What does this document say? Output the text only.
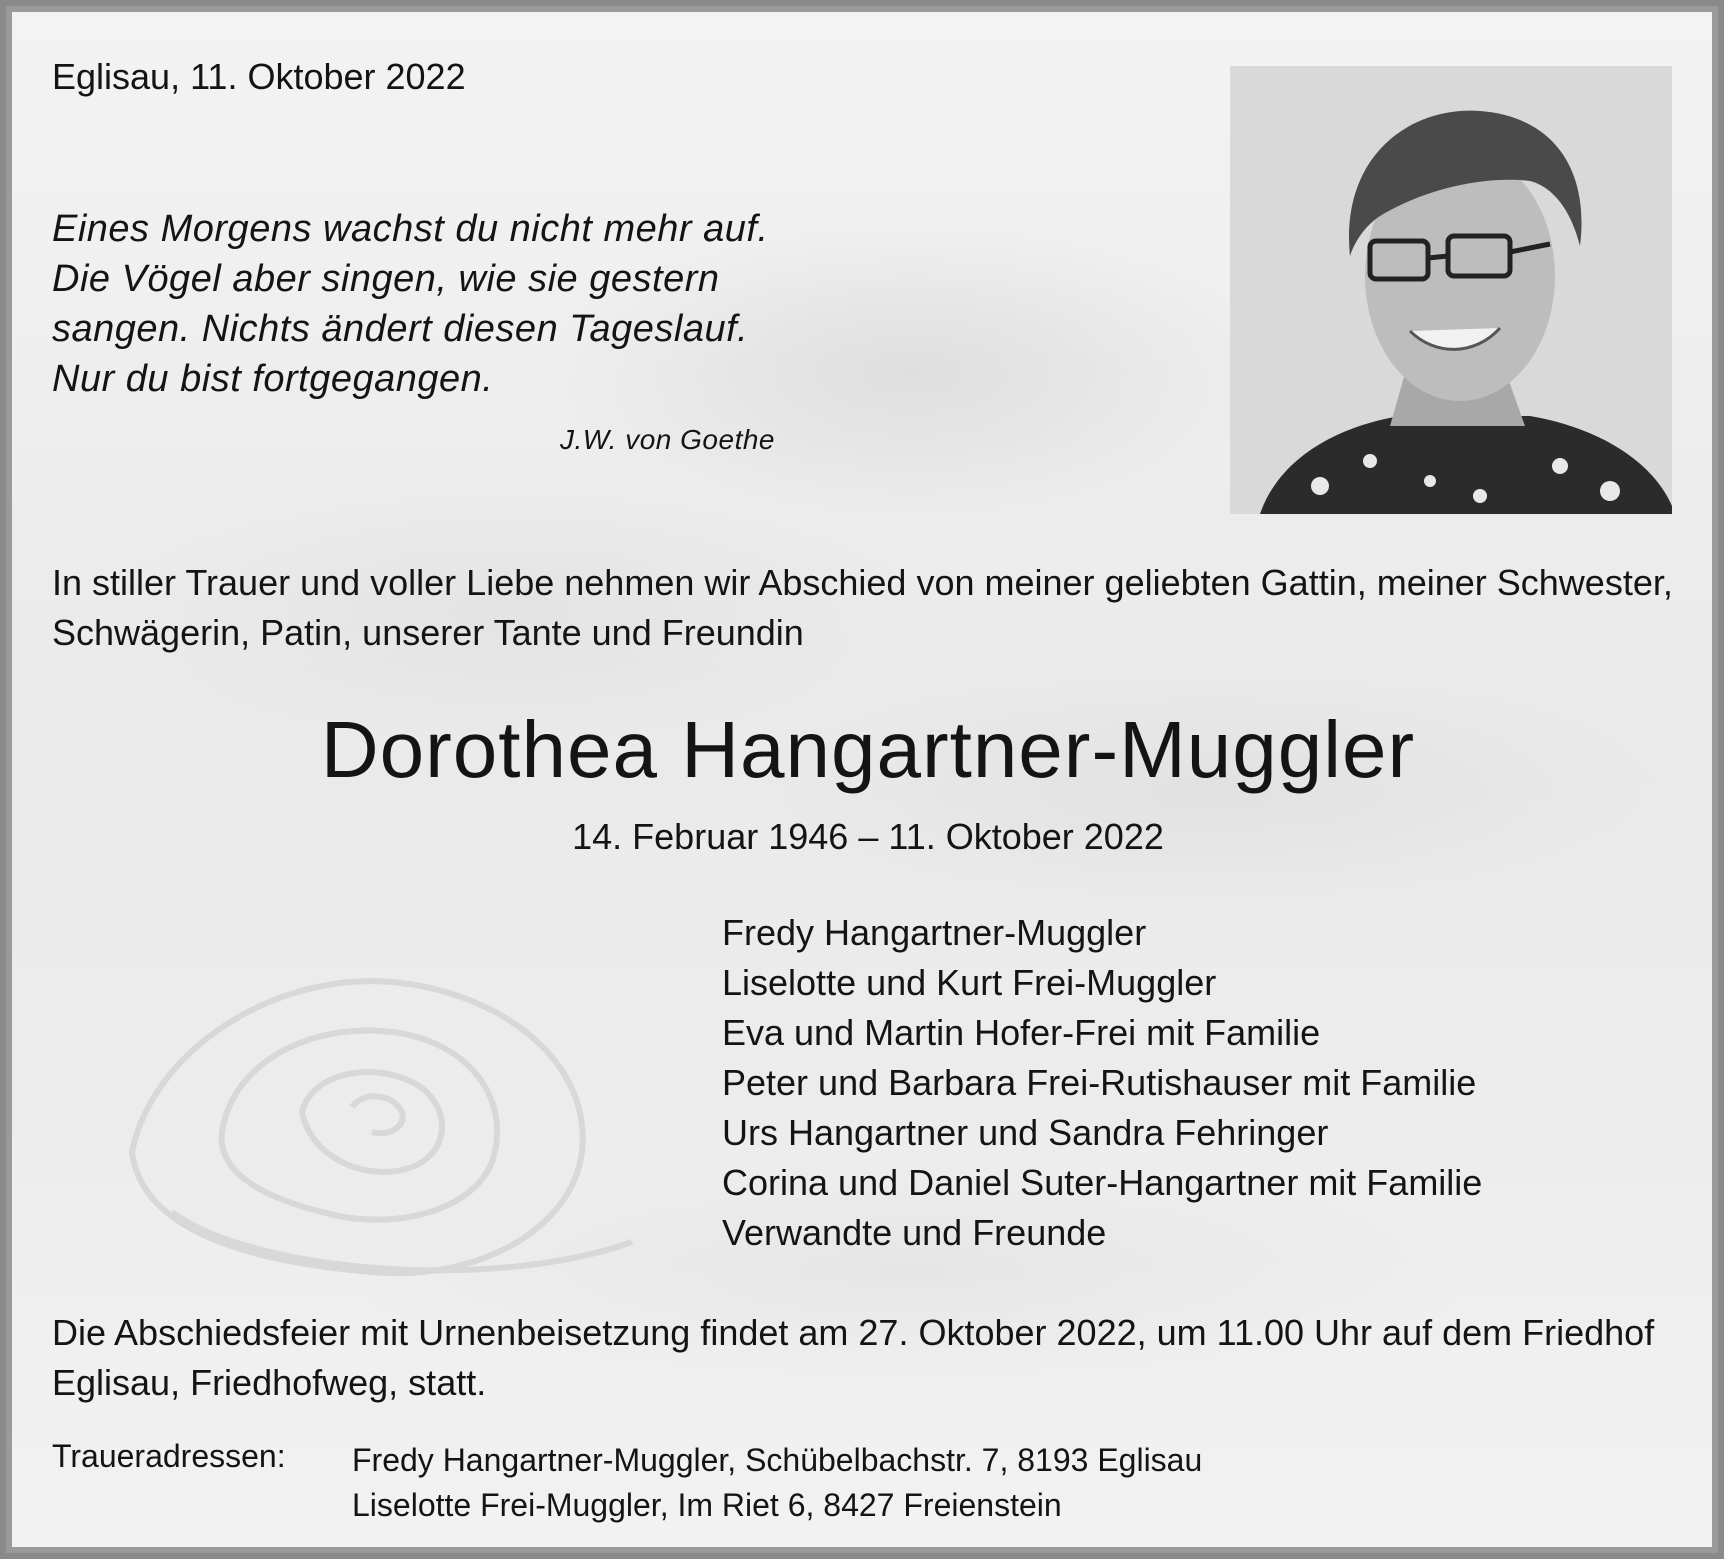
Eglisau, 11. Oktober 2022
Eines Morgens wachst du nicht mehr auf.
Die Vögel aber singen, wie sie gestern
sangen. Nichts ändert diesen Tageslauf.
Nur du bist fortgegangen.
J.W. von Goethe
In stiller Trauer und voller Liebe nehmen wir Abschied von meiner geliebten Gattin, meiner Schwester, Schwägerin, Patin, unserer Tante und Freundin
Dorothea Hangartner-Muggler
14. Februar 1946 – 11. Oktober 2022
Fredy Hangartner-Muggler
Liselotte und Kurt Frei-Muggler
Eva und Martin Hofer-Frei mit Familie
Peter und Barbara Frei-Rutishauser mit Familie
Urs Hangartner und Sandra Fehringer
Corina und Daniel Suter-Hangartner mit Familie
Verwandte und Freunde
Die Abschiedsfeier mit Urnenbeisetzung findet am 27. Oktober 2022, um 11.00 Uhr auf dem Friedhof Eglisau, Friedhofweg, statt.
Traueradressen: Fredy Hangartner-Muggler, Schübelbachstr. 7, 8193 Eglisau
Liselotte Frei-Muggler, Im Riet 6, 8427 Freienstein
